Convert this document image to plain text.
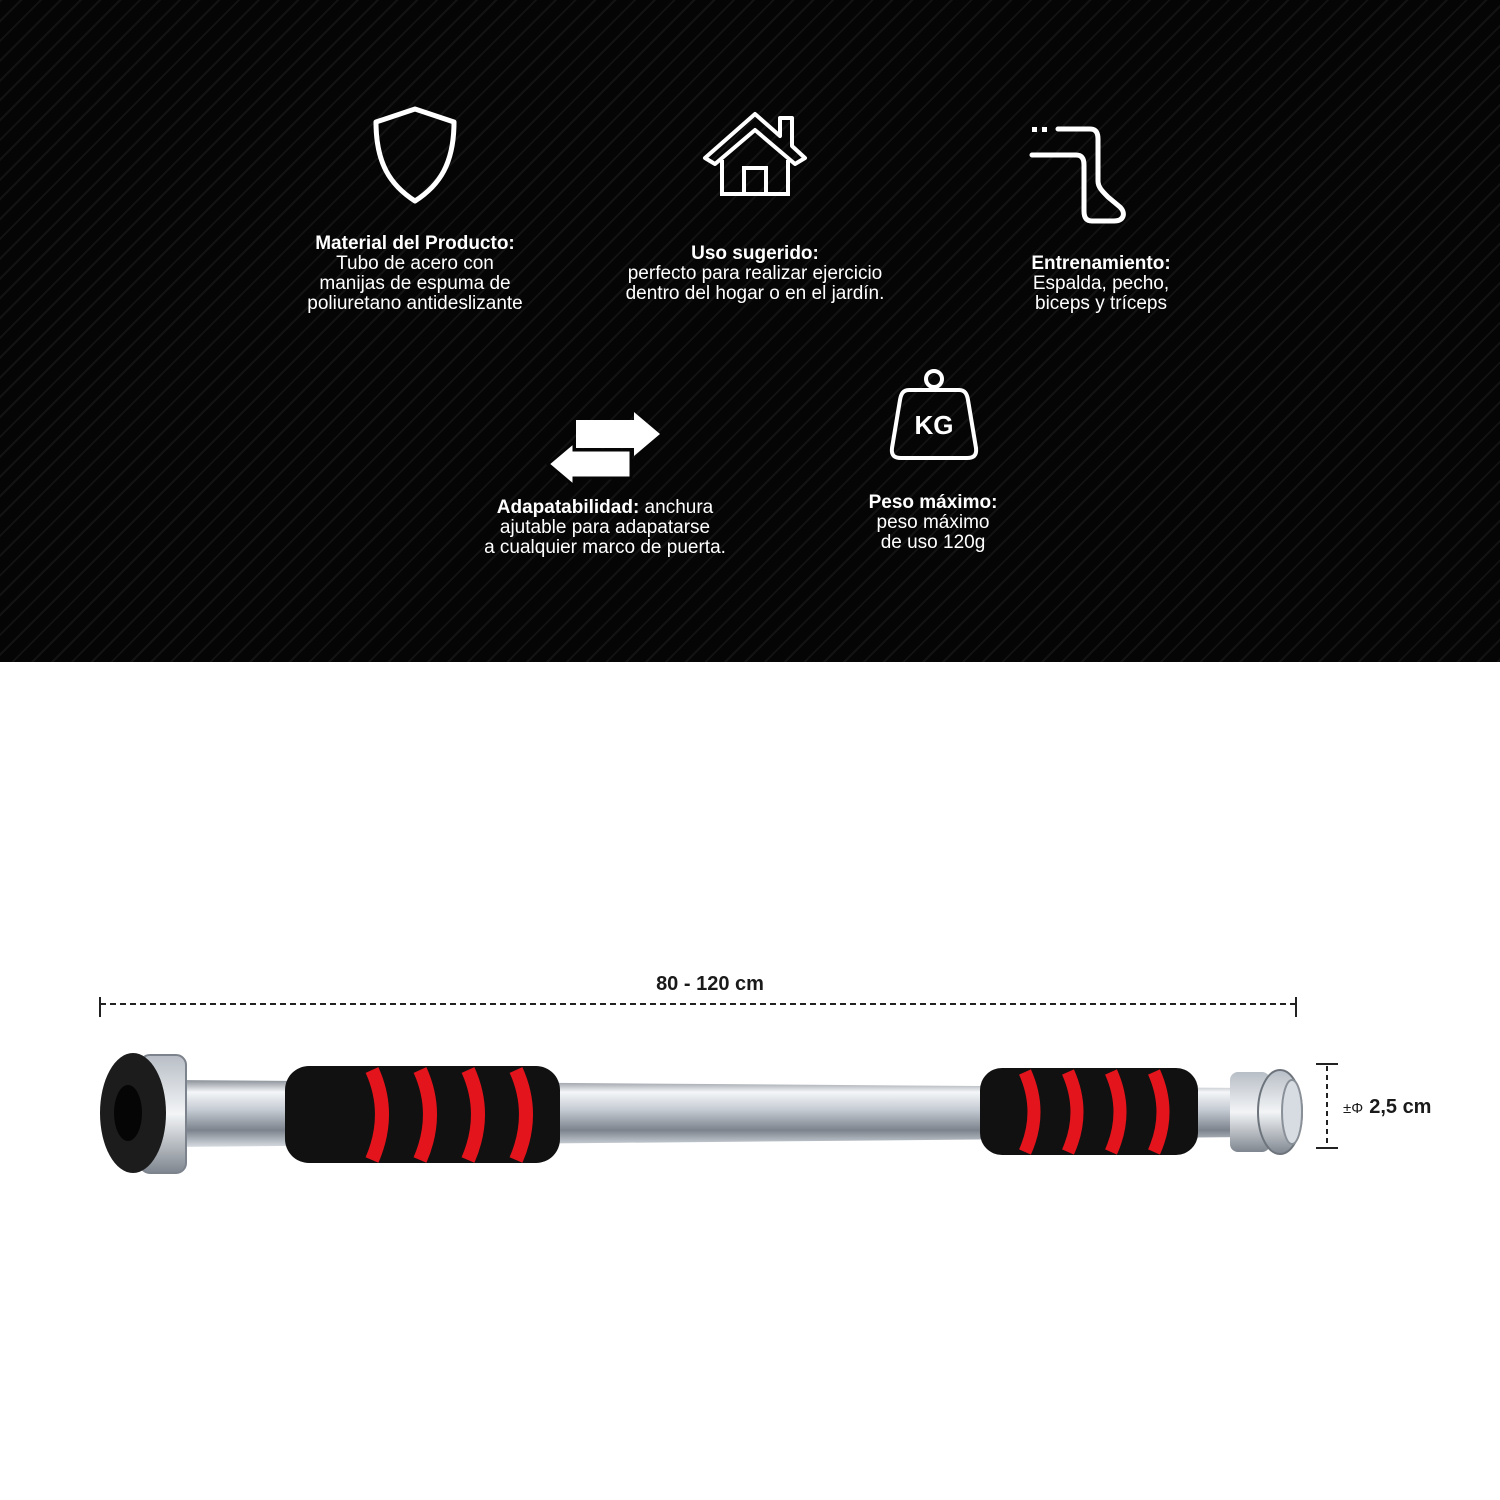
Material del Producto:
Tubo de acero con
manijas de espuma de
poliuretano antideslizante
Uso sugerido:
perfecto para realizar ejercicio
dentro del hogar o en el jardín.
Entrenamiento:
Espalda, pecho,
biceps y tríceps
Adapatabilidad: anchura
ajutable para adapatarse
a cualquier marco de puerta.
KG
Peso máximo:
peso máximo
de uso 120g
80 - 120 cm
±Φ 2,5 cm
